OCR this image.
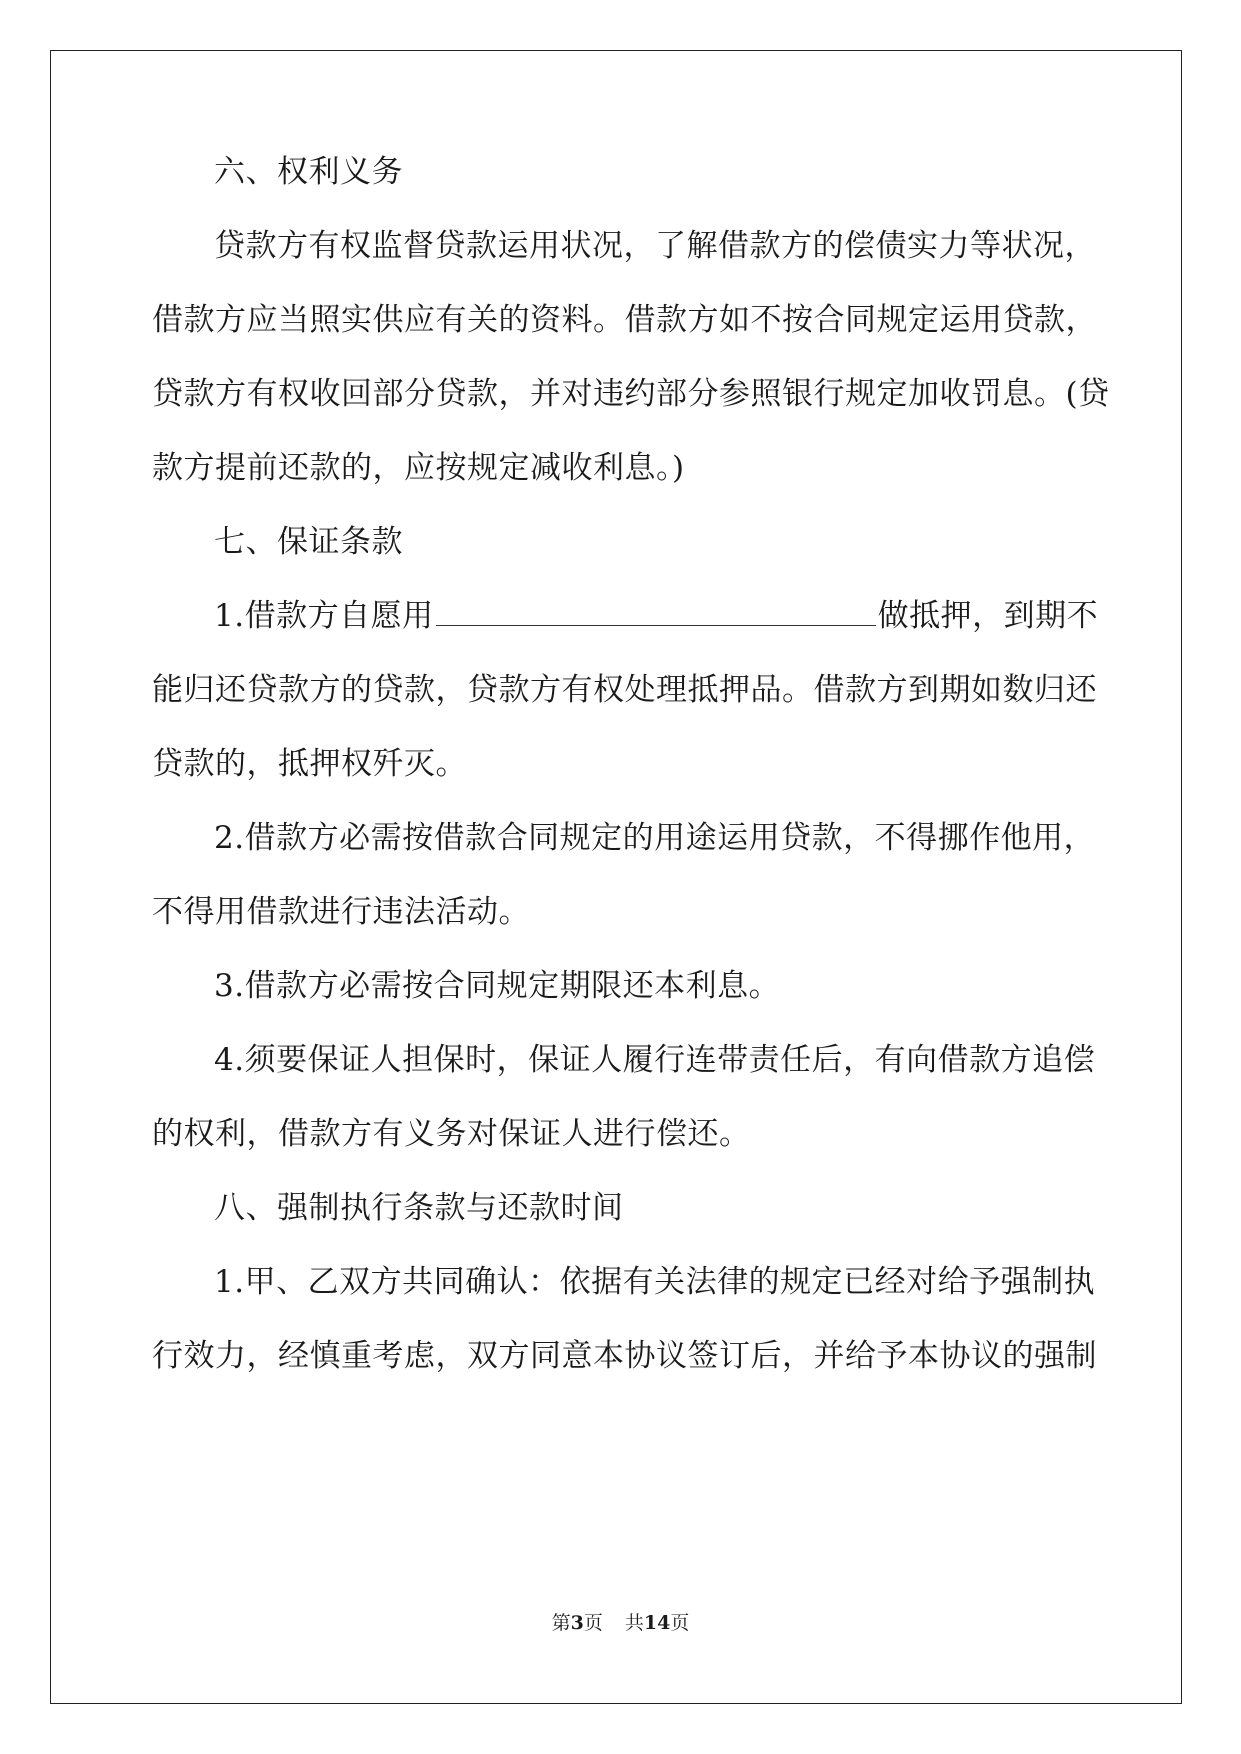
六、权利义务
贷款方有权监督贷款运用状况，了解借款方的偿债实力等状况，
借款方应当照实供应有关的资料。借款方如不按合同规定运用贷款，
贷款方有权收回部分贷款，并对违约部分参照银行规定加收罚息。(贷
款方提前还款的，应按规定减收利息。)
七、保证条款
1.借款方自愿用	做抵押，到期不
能归还贷款方的贷款，贷款方有权处理抵押品。借款方到期如数归还
贷款的，抵押权歼灭。
2.借款方必需按借款合同规定的用途运用贷款，不得挪作他用，
不得用借款进行违法活动。
3.借款方必需按合同规定期限还本利息。
4.须要保证人担保时，保证人履行连带责任后，有向借款方追偿
的权利，借款方有义务对保证人进行偿还。
八、强制执行条款与还款时间
1.甲、乙双方共同确认：依据有关法律的规定已经对给予强制执
行效力，经慎重考虑，双方同意本协议签订后，并给予本协议的强制
第3页 共14页
